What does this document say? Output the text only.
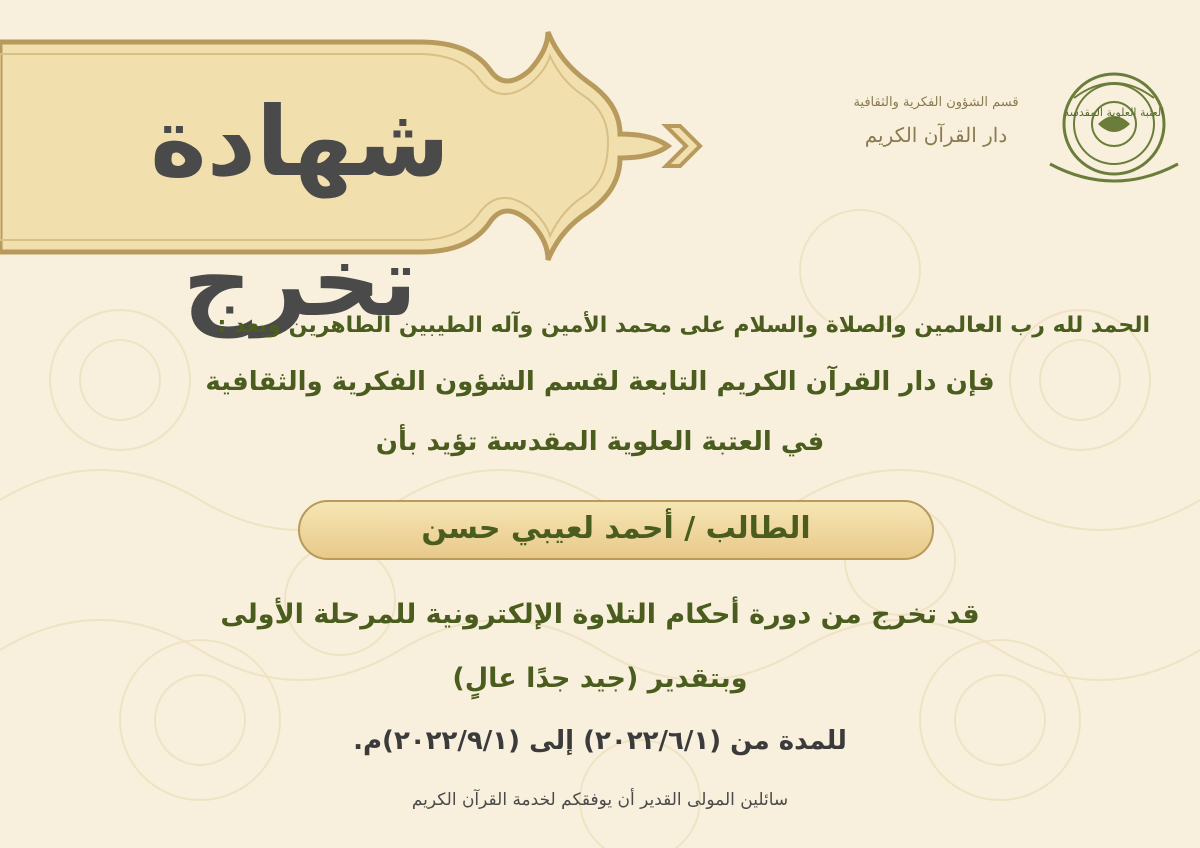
شهادة تخرج
قسم الشؤون الفكرية والثقافية
دار القرآن الكريم
العتبة العلوية المقدسة
الحمد لله رب العالمين والصلاة والسلام على محمد الأمين وآله الطيبين الطاهرين وبعد :
فإن دار القرآن الكريم التابعة لقسم الشؤون الفكرية والثقافية
في العتبة العلوية المقدسة تؤيد بأن
الطالب / أحمد لعيبي حسن
قد تخرج من دورة أحكام التلاوة الإلكترونية للمرحلة الأولى
وبتقدير (جيد جدًا عالٍ)
للمدة من (٢٠٢٢/٦/١) إلى (٢٠٢٢/٩/١)م.
سائلين المولى القدير أن يوفقكم لخدمة القرآن الكريم
